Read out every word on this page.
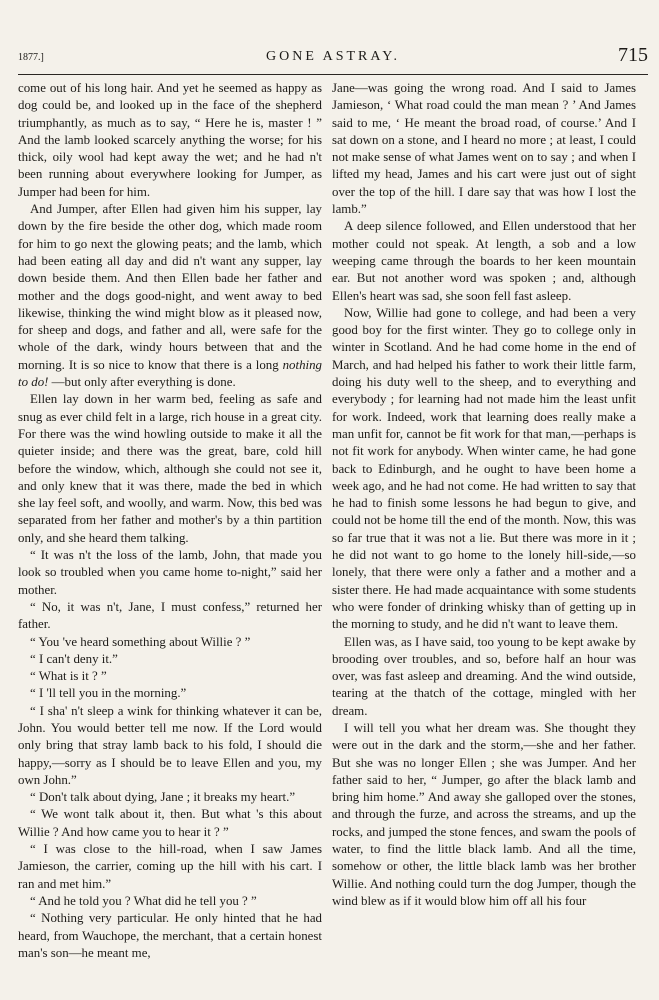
1877.]	GONE ASTRAY.	715

come out of his long hair. And yet he seemed as happy as dog could be, and looked up in the face of the shepherd triumphantly, as much as to say, “ Here he is, master ! ” And the lamb looked scarcely anything the worse; for his thick, oily wool had kept away the wet; and he had n't been running about everywhere looking for Jumper, as Jumper had been for him.

And Jumper, after Ellen had given him his supper, lay down by the fire beside the other dog, which made room for him to go next the glowing peats; and the lamb, which had been eating all day and did n't want any supper, lay down beside them. And then Ellen bade her father and mother and the dogs good-night, and went away to bed likewise, thinking the wind might blow as it pleased now, for sheep and dogs, and father and all, were safe for the whole of the dark, windy hours between that and the morning. It is so nice to know that there is a long nothing to do! —but only after everything is done.

Ellen lay down in her warm bed, feeling as safe and snug as ever child felt in a large, rich house in a great city. For there was the wind howling outside to make it all the quieter inside; and there was the great, bare, cold hill before the window, which, although she could not see it, and only knew that it was there, made the bed in which she lay feel soft, and woolly, and warm. Now, this bed was separated from her father and mother's by a thin partition only, and she heard them talking.

“ It was n't the loss of the lamb, John, that made you look so troubled when you came home to-night,” said her mother.

“ No, it was n't, Jane, I must confess,” returned her father.

“ You 've heard something about Willie ? ”

“ I can't deny it.”

“ What is it ? ”

“ I 'll tell you in the morning.”

“ I sha' n't sleep a wink for thinking whatever it can be, John. You would better tell me now. If the Lord would only bring that stray lamb back to his fold, I should die happy,—sorry as I should be to leave Ellen and you, my own John.”

“ Don't talk about dying, Jane ; it breaks my heart.”

“ We wont talk about it, then. But what 's this about Willie ? And how came you to hear it ? ”

“ I was close to the hill-road, when I saw James Jamieson, the carrier, coming up the hill with his cart. I ran and met him.”

“ And he told you ? What did he tell you ? ”

“ Nothing very particular. He only hinted that he had heard, from Wauchope, the merchant, that a certain honest man's son—he meant me,

Jane—was going the wrong road. And I said to James Jamieson, ‘ What road could the man mean ? ’ And James said to me, ‘ He meant the broad road, of course.’ And I sat down on a stone, and I heard no more ; at least, I could not make sense of what James went on to say ; and when I lifted my head, James and his cart were just out of sight over the top of the hill. I dare say that was how I lost the lamb.”

A deep silence followed, and Ellen understood that her mother could not speak. At length, a sob and a low weeping came through the boards to her keen mountain ear. But not another word was spoken ; and, although Ellen's heart was sad, she soon fell fast asleep.

Now, Willie had gone to college, and had been a very good boy for the first winter. They go to college only in winter in Scotland. And he had come home in the end of March, and had helped his father to work their little farm, doing his duty well to the sheep, and to everything and everybody ; for learning had not made him the least unfit for work. Indeed, work that learning does really make a man unfit for, cannot be fit work for that man,—perhaps is not fit work for anybody. When winter came, he had gone back to Edinburgh, and he ought to have been home a week ago, and he had not come. He had written to say that he had to finish some lessons he had begun to give, and could not be home till the end of the month. Now, this was so far true that it was not a lie. But there was more in it ; he did not want to go home to the lonely hill-side,—so lonely, that there were only a father and a mother and a sister there. He had made acquaintance with some students who were fonder of drinking whisky than of getting up in the morning to study, and he did n't want to leave them.

Ellen was, as I have said, too young to be kept awake by brooding over troubles, and so, before half an hour was over, was fast asleep and dreaming. And the wind outside, tearing at the thatch of the cottage, mingled with her dream.

I will tell you what her dream was. She thought they were out in the dark and the storm,—she and her father. But she was no longer Ellen ; she was Jumper. And her father said to her, “ Jumper, go after the black lamb and bring him home.” And away she galloped over the stones, and through the furze, and across the streams, and up the rocks, and jumped the stone fences, and swam the pools of water, to find the little black lamb. And all the time, somehow or other, the little black lamb was her brother Willie. And nothing could turn the dog Jumper, though the wind blew as if it would blow him off all his four
